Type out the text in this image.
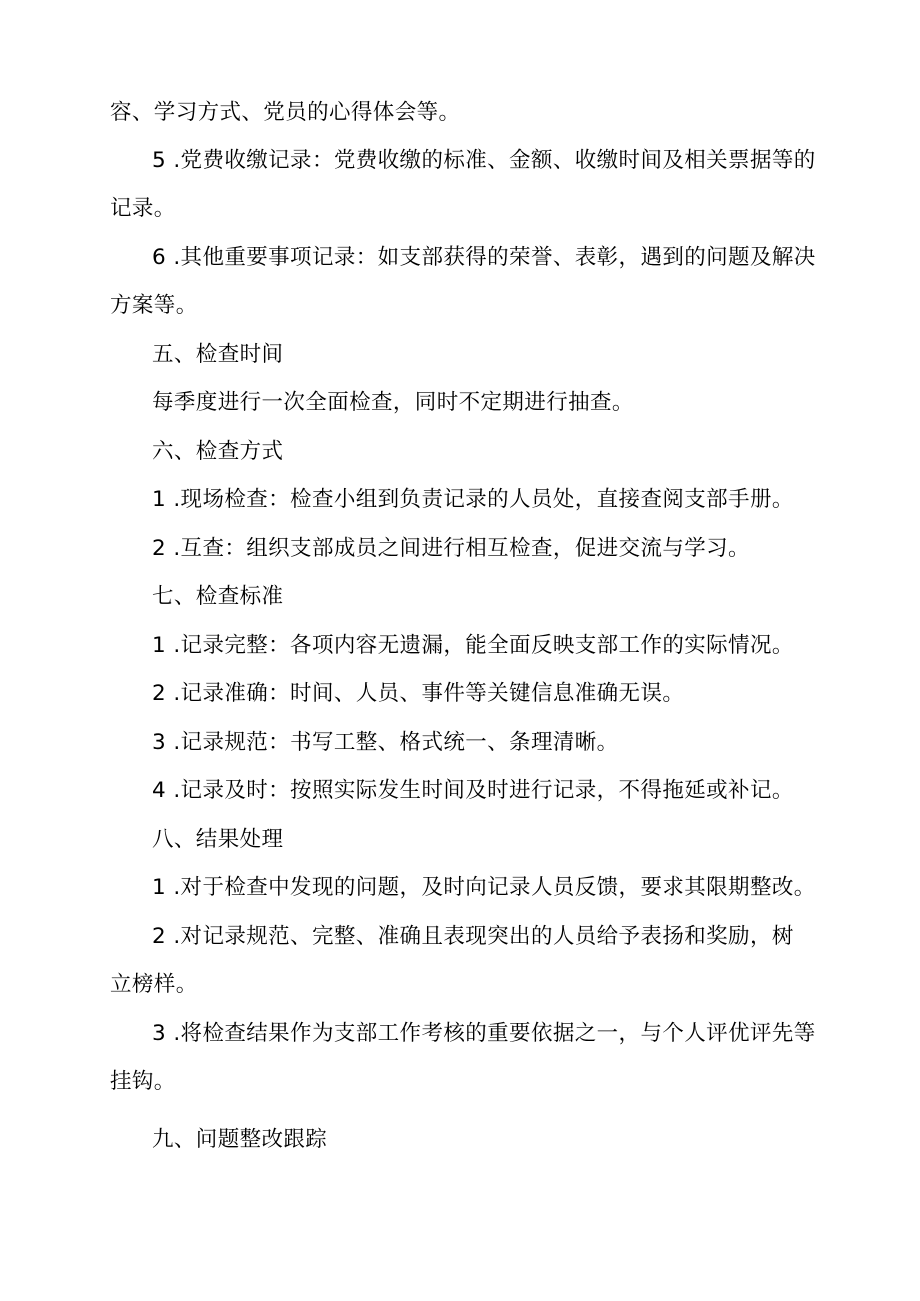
容、学习方式、党员的心得体会等。

5 .党费收缴记录：党费收缴的标准、金额、收缴时间及相关票据等的

记录。

6 .其他重要事项记录：如支部获得的荣誉、表彰，遇到的问题及解决

方案等。

五、检查时间

每季度进行一次全面检查，同时不定期进行抽查。

六、检查方式

1 .现场检查：检查小组到负责记录的人员处，直接查阅支部手册。

2 .互查：组织支部成员之间进行相互检查，促进交流与学习。

七、检查标准

1 .记录完整：各项内容无遗漏，能全面反映支部工作的实际情况。

2 .记录准确：时间、人员、事件等关键信息准确无误。

3 .记录规范：书写工整、格式统一、条理清晰。

4 .记录及时：按照实际发生时间及时进行记录，不得拖延或补记。

八、结果处理

1 .对于检查中发现的问题，及时向记录人员反馈，要求其限期整改。

2 .对记录规范、完整、准确且表现突出的人员给予表扬和奖励，树

立榜样。

3 .将检查结果作为支部工作考核的重要依据之一，与个人评优评先等

挂钩。

九、问题整改跟踪
